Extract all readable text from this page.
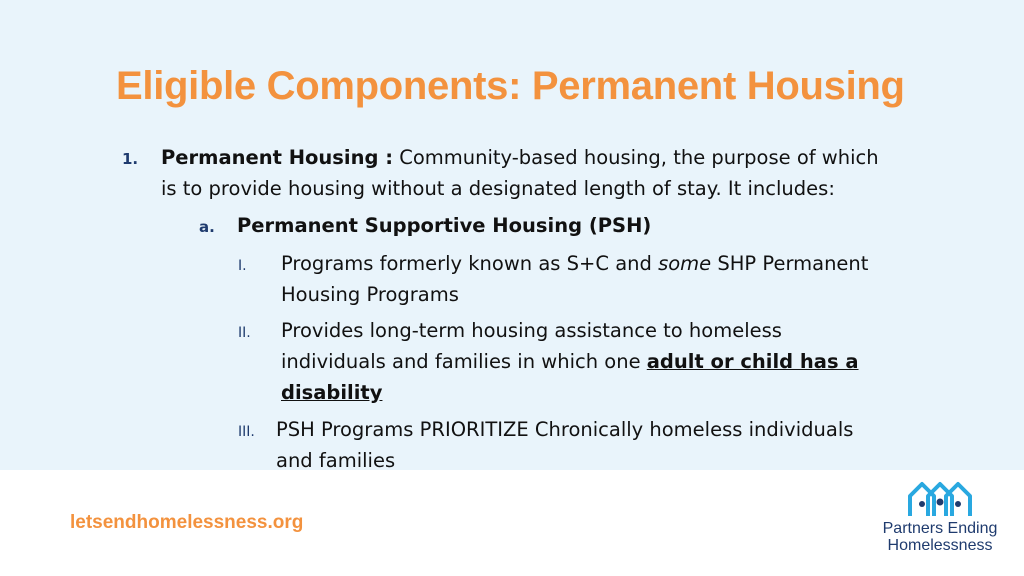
Eligible Components: Permanent Housing
1. Permanent Housing : Community-based housing, the purpose of which
is to provide housing without a designated length of stay. It includes:
a. Permanent Supportive Housing (PSH)
I. Programs formerly known as S+C and some SHP Permanent
Housing Programs
II. Provides long-term housing assistance to homeless
individuals and families in which one adult or child has a
disability
III. PSH Programs PRIORITIZE Chronically homeless individuals
and families
letsendhomelessness.org	Partners Ending
Homelessness
